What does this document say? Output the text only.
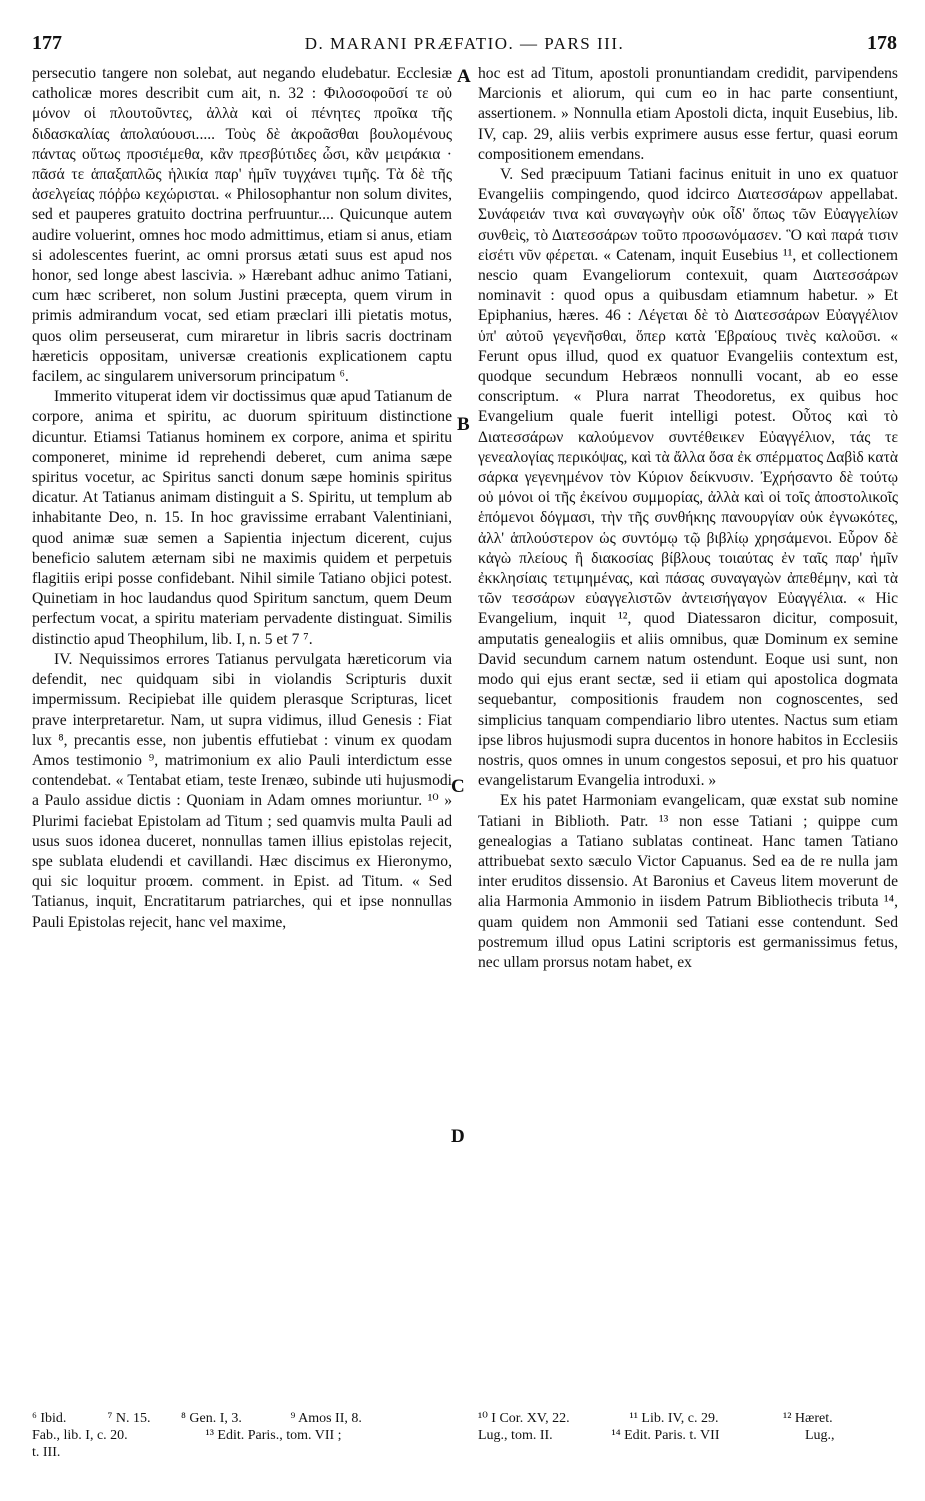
177	D. MARANI PRÆFATIO. — PARS III.	178

persecutio tangere non solebat, aut negando eludebatur. Ecclesiæ catholicæ mores describit cum ait, n. 32 : Φιλοσοφοῦσί τε οὐ μόνον οἱ πλουτοῦντες, ἀλλὰ καὶ οἱ πένητες προῖκα τῆς διδασκαλίας ἀπολαύουσι..... Τοὺς δὲ ἀκροᾶσθαι βουλομένους πάντας οὕτως προσιέμεθα, κἂν πρεσβύτιδες ὦσι, κἂν μειράκια · πᾶσά τε ἁπαξαπλῶς ἡλικία παρ' ἡμῖν τυγχάνει τιμῆς. Τὰ δὲ τῆς ἀσελγείας πόῤῥω κεχώρισται. « Philosophantur non solum divites, sed et pauperes gratuito doctrina perfruuntur.... Quicunque autem audire voluerint, omnes hoc modo admittimus, etiam si anus, etiam si adolescentes fuerint, ac omni prorsus ætati suus est apud nos honor, sed longe abest lascivia. » Hærebant adhuc animo Tatiani, cum hæc scriberet, non solum Justini præcepta, quem virum in primis admirandum vocat, sed etiam præclari illi pietatis motus, quos olim perseuserat, cum miraretur in libris sacris doctrinam hæreticis oppositam, universæ creationis explicationem captu facilem, ac singularem universorum principatum ⁶.

Immerito vituperat idem vir doctissimus quæ apud Tatianum de corpore, anima et spiritu, ac duorum spirituum distinctione dicuntur. Etiamsi Tatianus hominem ex corpore, anima et spiritu componeret, minime id reprehendi deberet, cum anima sæpe spiritus vocetur, ac Spiritus sancti donum sæpe hominis spiritus dicatur. At Tatianus animam distinguit a S. Spiritu, ut templum ab inhabitante Deo, n. 15. In hoc gravissime errabant Valentiniani, quod animæ suæ semen a Sapientia injectum dicerent, cujus beneficio salutem æternam sibi ne maximis quidem et perpetuis flagitiis eripi posse confidebant. Nihil simile Tatiano objici potest. Quinetiam in hoc laudandus quod Spiritum sanctum, quem Deum perfectum vocat, a spiritu materiam pervadente distinguat. Similis distinctio apud Theophilum, lib. I, n. 5 et 7 ⁷.

IV. Nequissimos errores Tatianus pervulgata hæreticorum via defendit, nec quidquam sibi in violandis Scripturis duxit impermissum. Recipiebat ille quidem plerasque Scripturas, licet prave interpretaretur. Nam, ut supra vidimus, illud Genesis : Fiat lux ⁸, precantis esse, non jubentis effutiebat : vinum ex quodam Amos testimonio ⁹, matrimonium ex alio Pauli interdictum esse contendebat. « Tentabat etiam, teste Irenæo, subinde uti hujusmodi a Paulo assidue dictis : Quoniam in Adam omnes moriuntur. ¹⁰ » Plurimi faciebat Epistolam ad Titum ; sed quamvis multa Pauli ad usus suos idonea duceret, nonnullas tamen illius epistolas rejecit, spe sublata eludendi et cavillandi. Hæc discimus ex Hieronymo, qui sic loquitur proœm. comment. in Epist. ad Titum. « Sed Tatianus, inquit, Encratitarum patriarches, qui et ipse nonnullas Pauli Epistolas rejecit, hanc vel maxime,

A
B
C
D

hoc est ad Titum, apostoli pronuntiandam credidit, parvipendens Marcionis et aliorum, qui cum eo in hac parte consentiunt, assertionem. » Nonnulla etiam Apostoli dicta, inquit Eusebius, lib. IV, cap. 29, aliis verbis exprimere ausus esse fertur, quasi eorum compositionem emendans.

V. Sed præcipuum Tatiani facinus enituit in uno ex quatuor Evangeliis compingendo, quod idcirco Διατεσσάρων appellabat. Συνάφειάν τινα καὶ συναγωγὴν οὐκ οἶδ' ὅπως τῶν Εὐαγγελίων συνθεὶς, τὸ Διατεσσάρων τοῦτο προσωνόμασεν. Ὃ καὶ παρά τισιν εἰσέτι νῦν φέρεται. « Catenam, inquit Eusebius ¹¹, et collectionem nescio quam Evangeliorum contexuit, quam Διατεσσάρων nominavit : quod opus a quibusdam etiamnum habetur. » Et Epiphanius, hæres. 46 : Λέγεται δὲ τὸ Διατεσσάρων Εὐαγγέλιον ὑπ' αὐτοῦ γεγενῆσθαι, ὅπερ κατὰ Ἑβραίους τινὲς καλοῦσι. « Ferunt opus illud, quod ex quatuor Evangeliis contextum est, quodque secundum Hebræos nonnulli vocant, ab eo esse conscriptum. « Plura narrat Theodoretus, ex quibus hoc Evangelium quale fuerit intelligi potest. Οὗτος καὶ τὸ Διατεσσάρων καλούμενον συντέθεικεν Εὐαγγέλιον, τάς τε γενεαλογίας περικόψας, καὶ τὰ ἄλλα ὅσα ἐκ σπέρματος Δαβὶδ κατὰ σάρκα γεγενημένον τὸν Κύριον δείκνυσιν. Ἐχρήσαντο δὲ τούτῳ οὐ μόνοι οἱ τῆς ἐκείνου συμμορίας, ἀλλὰ καὶ οἱ τοῖς ἀποστολικοῖς ἑπόμενοι δόγμασι, τὴν τῆς συνθήκης πανουργίαν οὐκ ἐγνωκότες, ἀλλ' ἁπλούστερον ὡς συντόμῳ τῷ βιβλίῳ χρησάμενοι. Εὗρον δὲ κἀγὼ πλείους ἢ διακοσίας βίβλους τοιαύτας ἐν ταῖς παρ' ἡμῖν ἐκκλησίαις τετιμημένας, καὶ πάσας συναγαγὼν ἀπεθέμην, καὶ τὰ τῶν τεσσάρων εὐαγγελιστῶν ἀντεισήγαγον Εὐαγγέλια. « Hic Evangelium, inquit ¹², quod Diatessaron dicitur, composuit, amputatis genealogiis et aliis omnibus, quæ Dominum ex semine David secundum carnem natum ostendunt. Eoque usi sunt, non modo qui ejus erant sectæ, sed ii etiam qui apostolica dogmata sequebantur, compositionis fraudem non cognoscentes, sed simplicius tanquam compendiario libro utentes. Nactus sum etiam ipse libros hujusmodi supra ducentos in honore habitos in Ecclesiis nostris, quos omnes in unum congestos seposui, et pro his quatuor evangelistarum Evangelia introduxi. »

Ex his patet Harmoniam evangelicam, quæ exstat sub nomine Tatiani in Biblioth. Patr. ¹³ non esse Tatiani ; quippe cum genealogias a Tatiano sublatas contineat. Hanc tamen Tatiano attribuebat sexto sæculo Victor Capuanus. Sed ea de re nulla jam inter eruditos dissensio. At Baronius et Caveus litem moverunt de alia Harmonia Ammonio in iisdem Patrum Bibliothecis tributa ¹⁴, quam quidem non Ammonii sed Tatiani esse contendunt. Sed postremum illud opus Latini scriptoris est germanissimus fetus, nec ullam prorsus notam habet, ex

⁶ Ibid.	⁷ N. 15. ⁸ Gen. I, 3.	⁹ Amos II, 8.
Fab., lib. I, c. 20.	¹³ Edit. Paris., tom. VII ;
t. III.
¹⁰ I Cor. XV, 22.	¹¹ Lib. IV, c. 29.	¹² Hæret.
Lug., tom. II.	¹⁴ Edit. Paris. t. VII	Lug.,
